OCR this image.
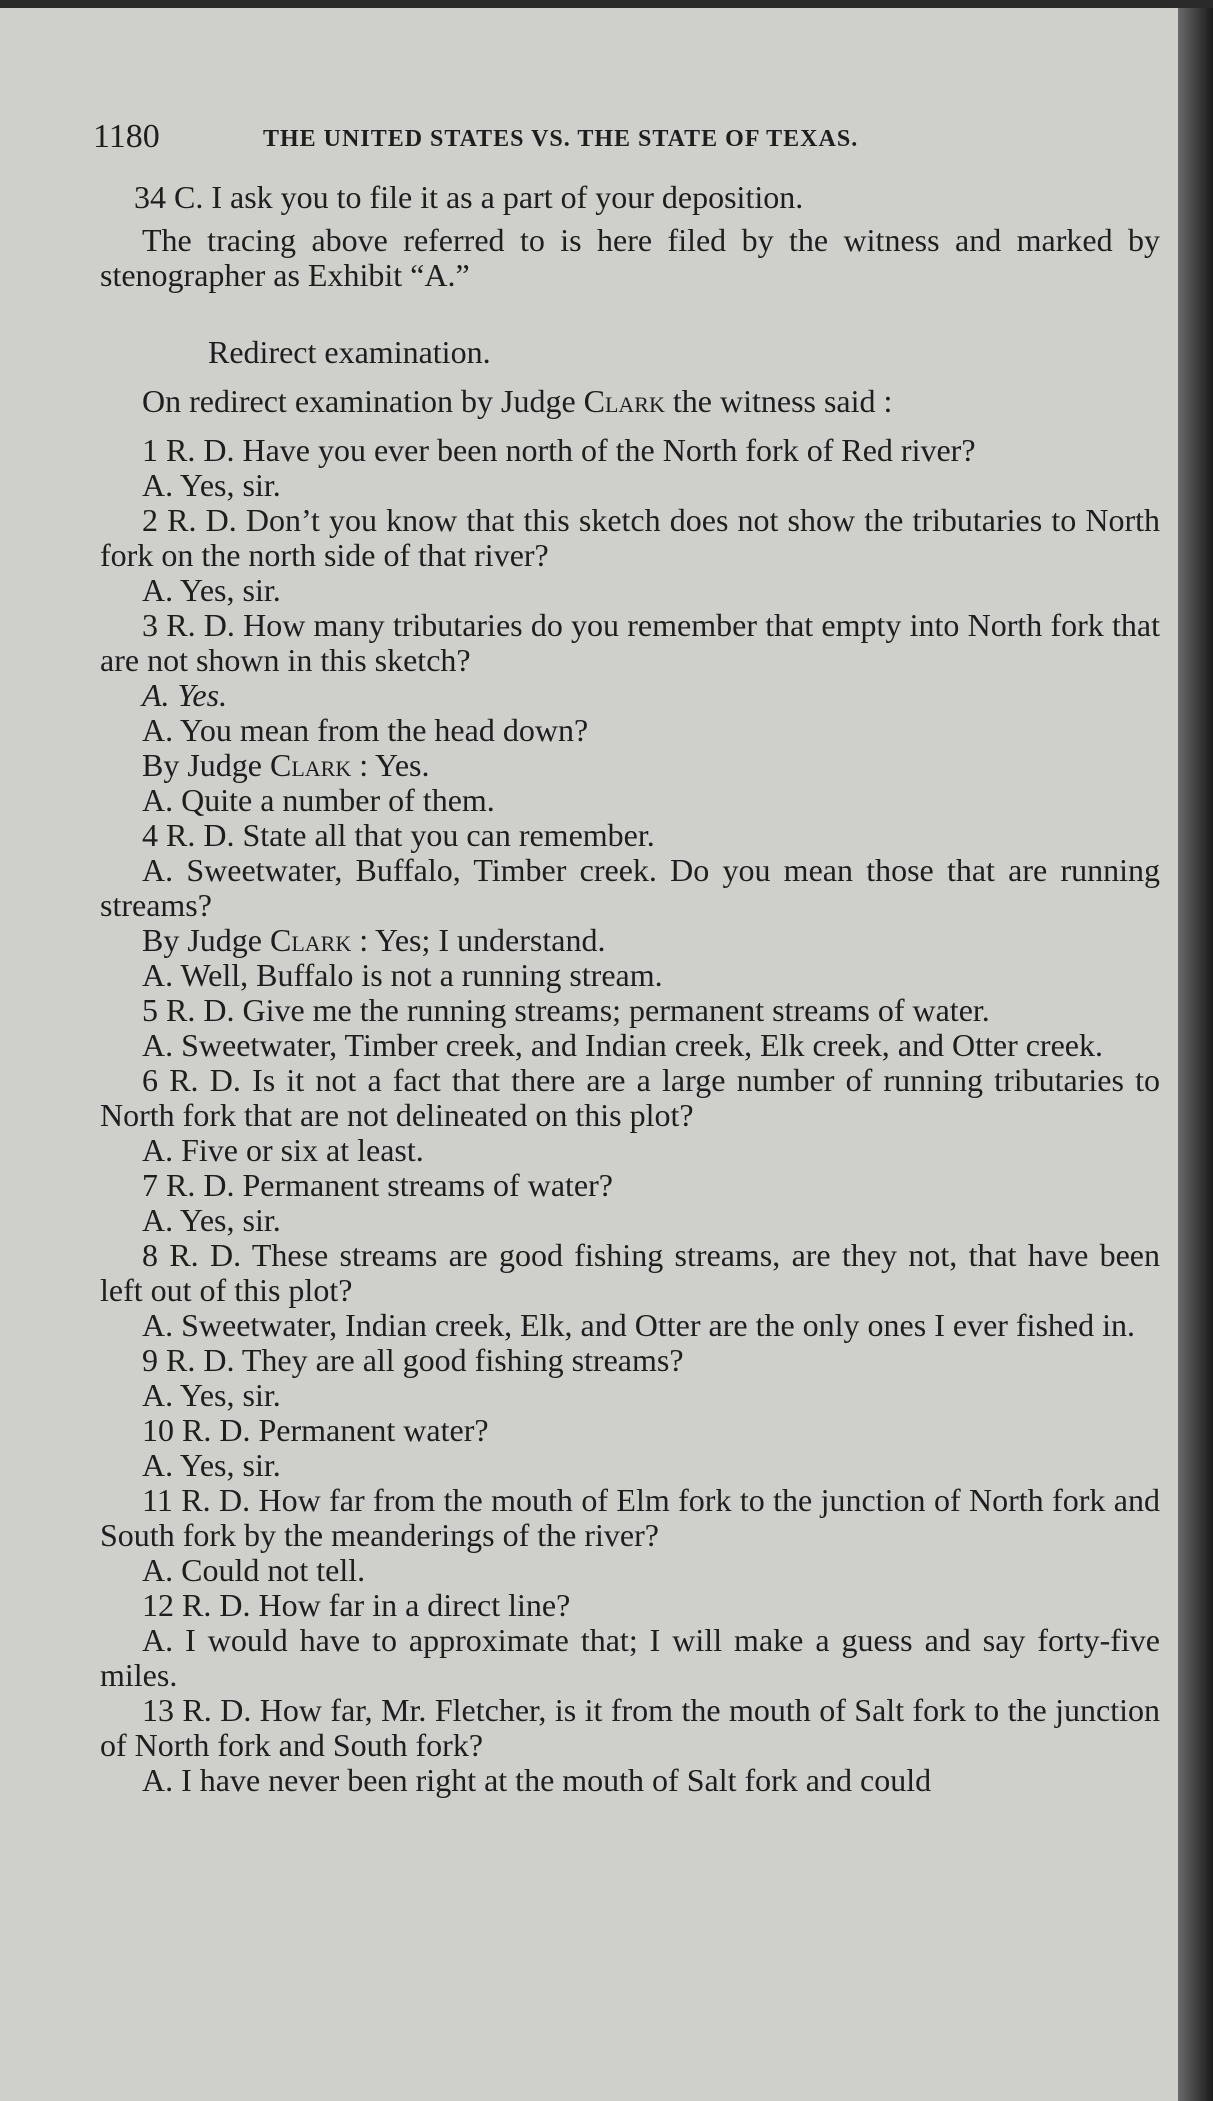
1180	THE UNITED STATES VS. THE STATE OF TEXAS.

34 C. I ask you to file it as a part of your deposition.

The tracing above referred to is here filed by the witness and marked by stenographer as Exhibit “A.”

Redirect examination.

On redirect examination by Judge Clark the witness said :

1 R. D. Have you ever been north of the North fork of Red river?

A. Yes, sir.

2 R. D. Don’t you know that this sketch does not show the tributaries to North fork on the north side of that river?

A. Yes, sir.

3 R. D. How many tributaries do you remember that empty into North fork that are not shown in this sketch?

A. Yes.

A. You mean from the head down?

By Judge Clark : Yes.

A. Quite a number of them.

4 R. D. State all that you can remember.

A. Sweetwater, Buffalo, Timber creek. Do you mean those that are running streams?

By Judge Clark : Yes; I understand.

A. Well, Buffalo is not a running stream.

5 R. D. Give me the running streams; permanent streams of water.

A. Sweetwater, Timber creek, and Indian creek, Elk creek, and Otter creek.

6 R. D. Is it not a fact that there are a large number of running tributaries to North fork that are not delineated on this plot?

A. Five or six at least.

7 R. D. Permanent streams of water?

A. Yes, sir.

8 R. D. These streams are good fishing streams, are they not, that have been left out of this plot?

A. Sweetwater, Indian creek, Elk, and Otter are the only ones I ever fished in.

9 R. D. They are all good fishing streams?

A. Yes, sir.

10 R. D. Permanent water?

A. Yes, sir.

11 R. D. How far from the mouth of Elm fork to the junction of North fork and South fork by the meanderings of the river?

A. Could not tell.

12 R. D. How far in a direct line?

A. I would have to approximate that; I will make a guess and say forty-five miles.

13 R. D. How far, Mr. Fletcher, is it from the mouth of Salt fork to the junction of North fork and South fork?

A. I have never been right at the mouth of Salt fork and could
